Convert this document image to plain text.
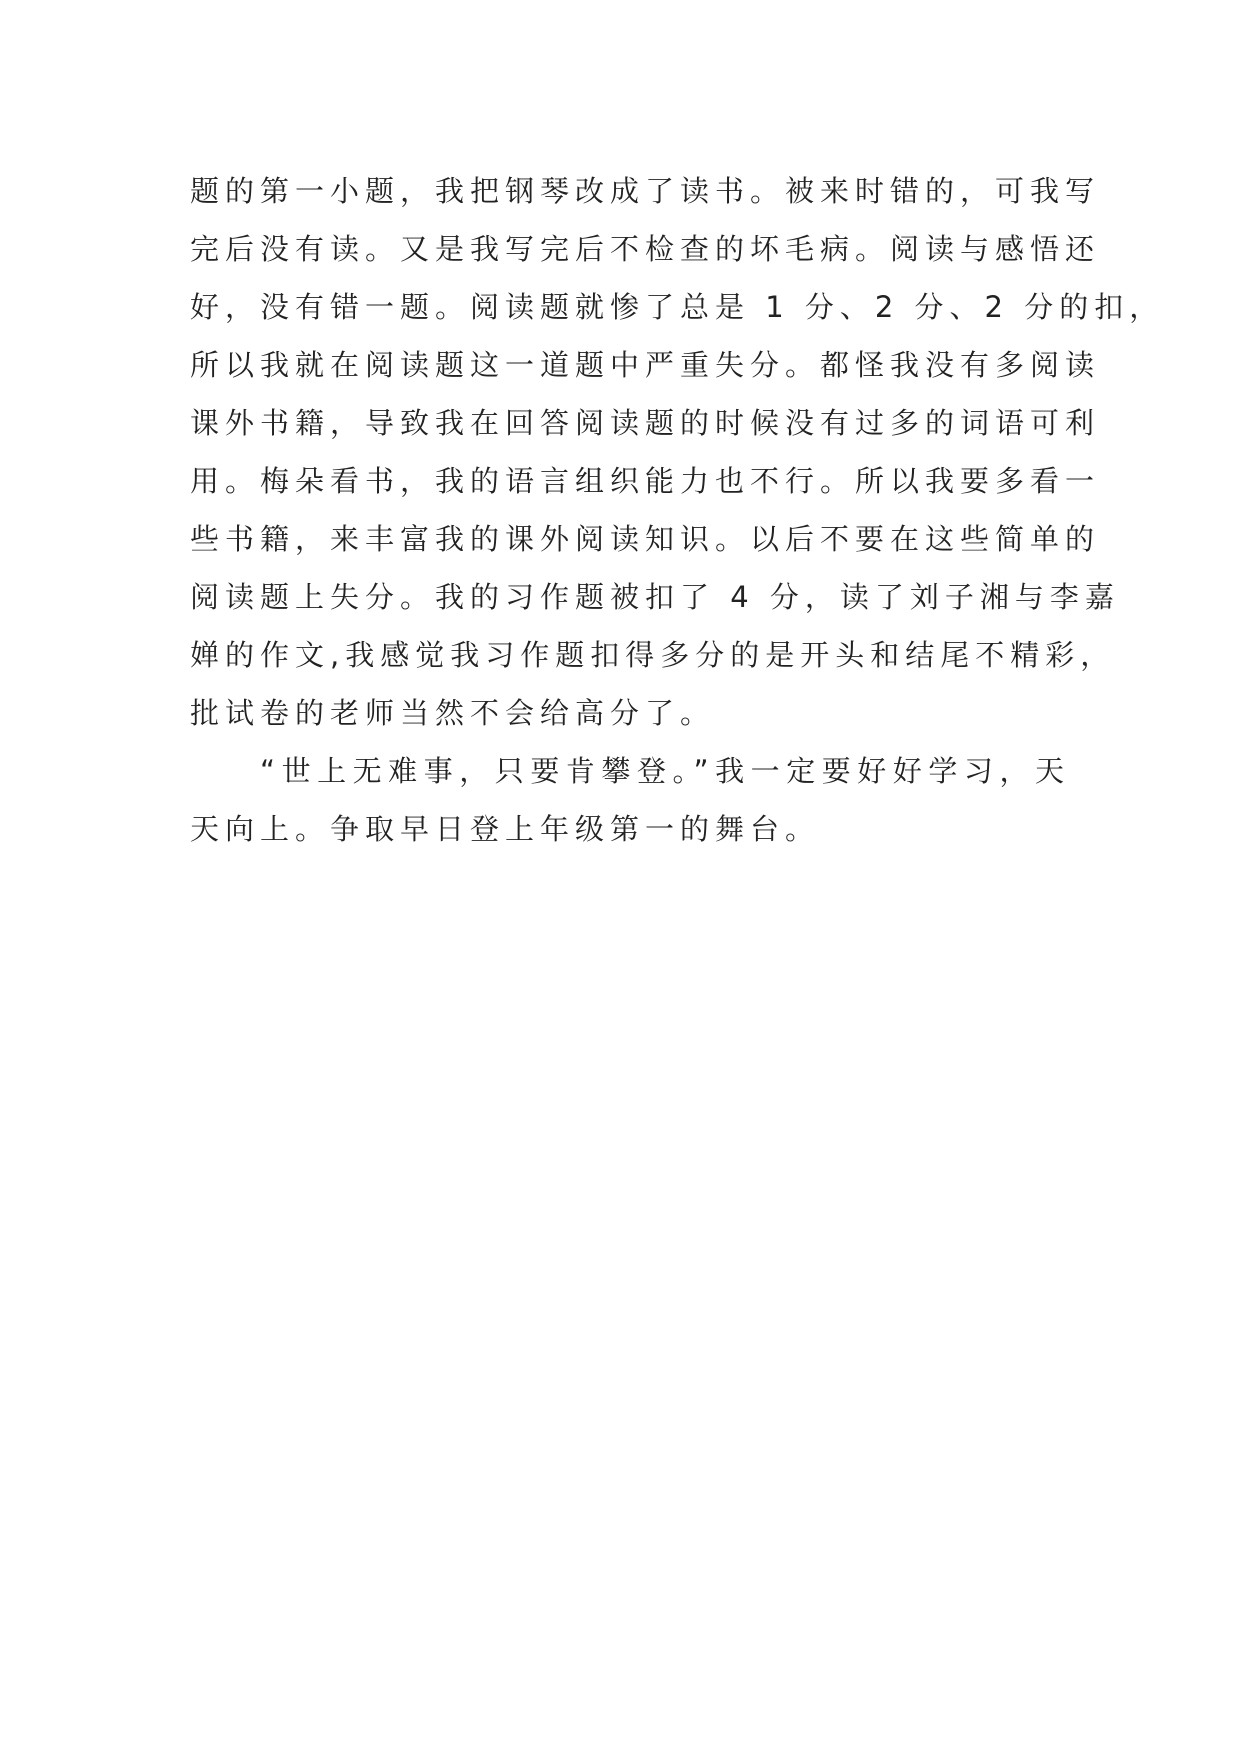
题的第一小题，我把钢琴改成了读书。被来时错的，可我写
完后没有读。又是我写完后不检查的坏毛病。阅读与感悟还
好，没有错一题。阅读题就惨了总是 1 分、2 分、2 分的扣，
所以我就在阅读题这一道题中严重失分。都怪我没有多阅读
课外书籍，导致我在回答阅读题的时候没有过多的词语可利
用。梅朵看书，我的语言组织能力也不行。所以我要多看一
些书籍，来丰富我的课外阅读知识。以后不要在这些简单的
阅读题上失分。我的习作题被扣了 4 分，读了刘子湘与李嘉
婵的作文,我感觉我习作题扣得多分的是开头和结尾不精彩，
批试卷的老师当然不会给高分了。
“世上无难事，只要肯攀登。”我一定要好好学习，天
天向上。争取早日登上年级第一的舞台。
